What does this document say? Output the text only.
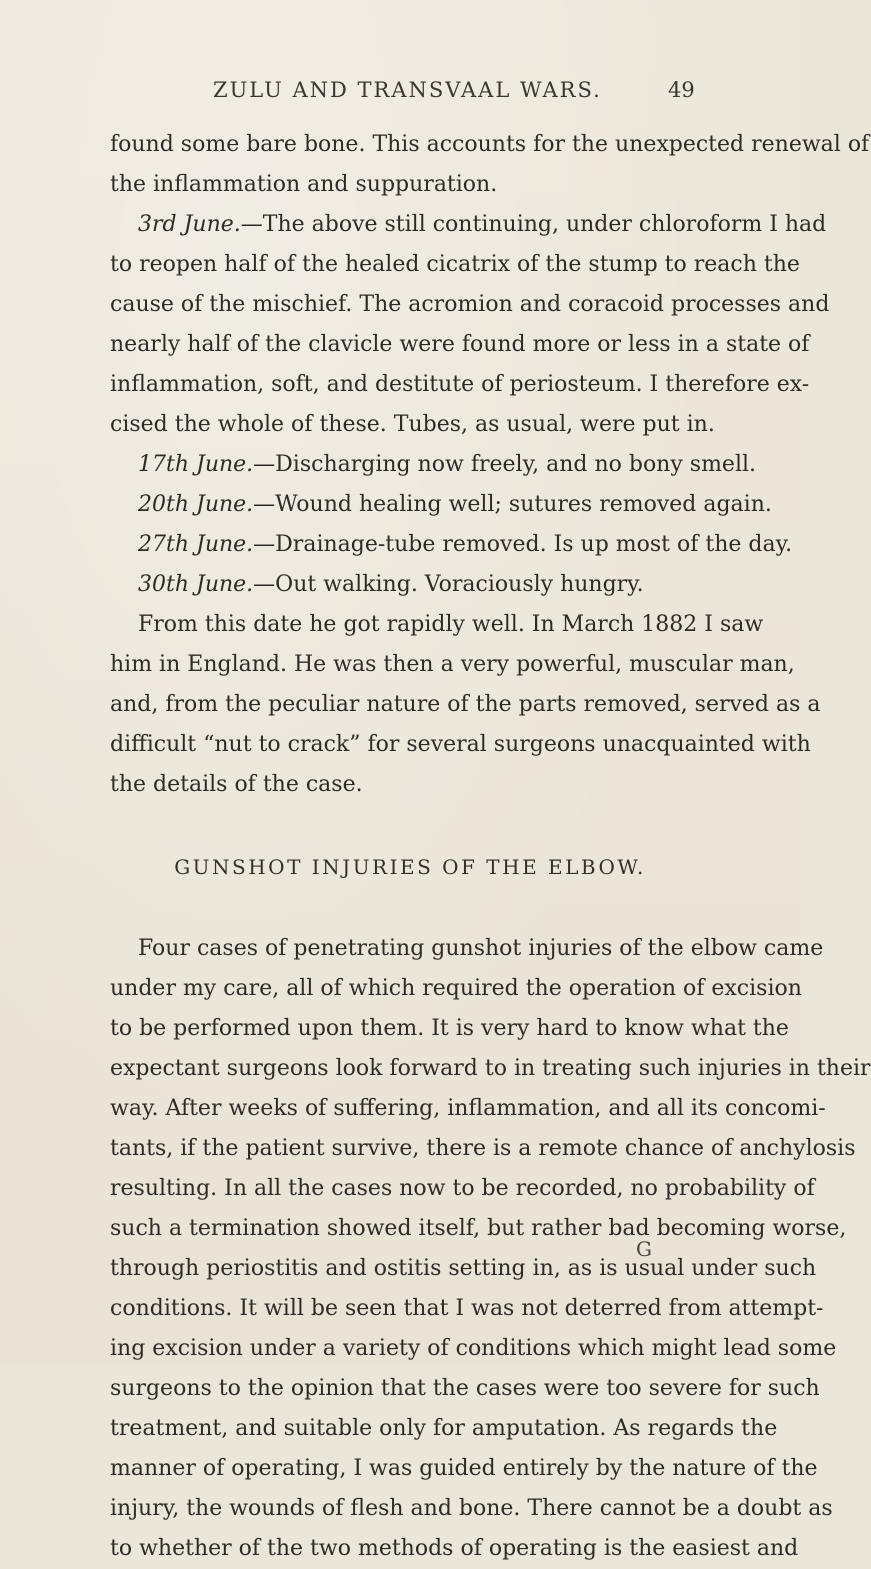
ZULU AND TRANSVAAL WARS.	49
found some bare bone. This accounts for the unexpected renewal of
the inflammation and suppuration.
3rd June.—The above still continuing, under chloroform I had
to reopen half of the healed cicatrix of the stump to reach the
cause of the mischief. The acromion and coracoid processes and
nearly half of the clavicle were found more or less in a state of
inflammation, soft, and destitute of periosteum. I therefore ex-
cised the whole of these. Tubes, as usual, were put in.
17th June.—Discharging now freely, and no bony smell.
20th June.—Wound healing well; sutures removed again.
27th June.—Drainage-tube removed. Is up most of the day.
30th June.—Out walking. Voraciously hungry.
From this date he got rapidly well. In March 1882 I saw
him in England. He was then a very powerful, muscular man,
and, from the peculiar nature of the parts removed, served as a
difficult “nut to crack” for several surgeons unacquainted with
the details of the case.
GUNSHOT INJURIES OF THE ELBOW.
Four cases of penetrating gunshot injuries of the elbow came
under my care, all of which required the operation of excision
to be performed upon them. It is very hard to know what the
expectant surgeons look forward to in treating such injuries in their
way. After weeks of suffering, inflammation, and all its concomi-
tants, if the patient survive, there is a remote chance of anchylosis
resulting. In all the cases now to be recorded, no probability of
such a termination showed itself, but rather bad becoming worse,
through periostitis and ostitis setting in, as is usual under such
conditions. It will be seen that I was not deterred from attempt-
ing excision under a variety of conditions which might lead some
surgeons to the opinion that the cases were too severe for such
treatment, and suitable only for amputation. As regards the
manner of operating, I was guided entirely by the nature of the
injury, the wounds of flesh and bone. There cannot be a doubt as
to whether of the two methods of operating is the easiest and
G
